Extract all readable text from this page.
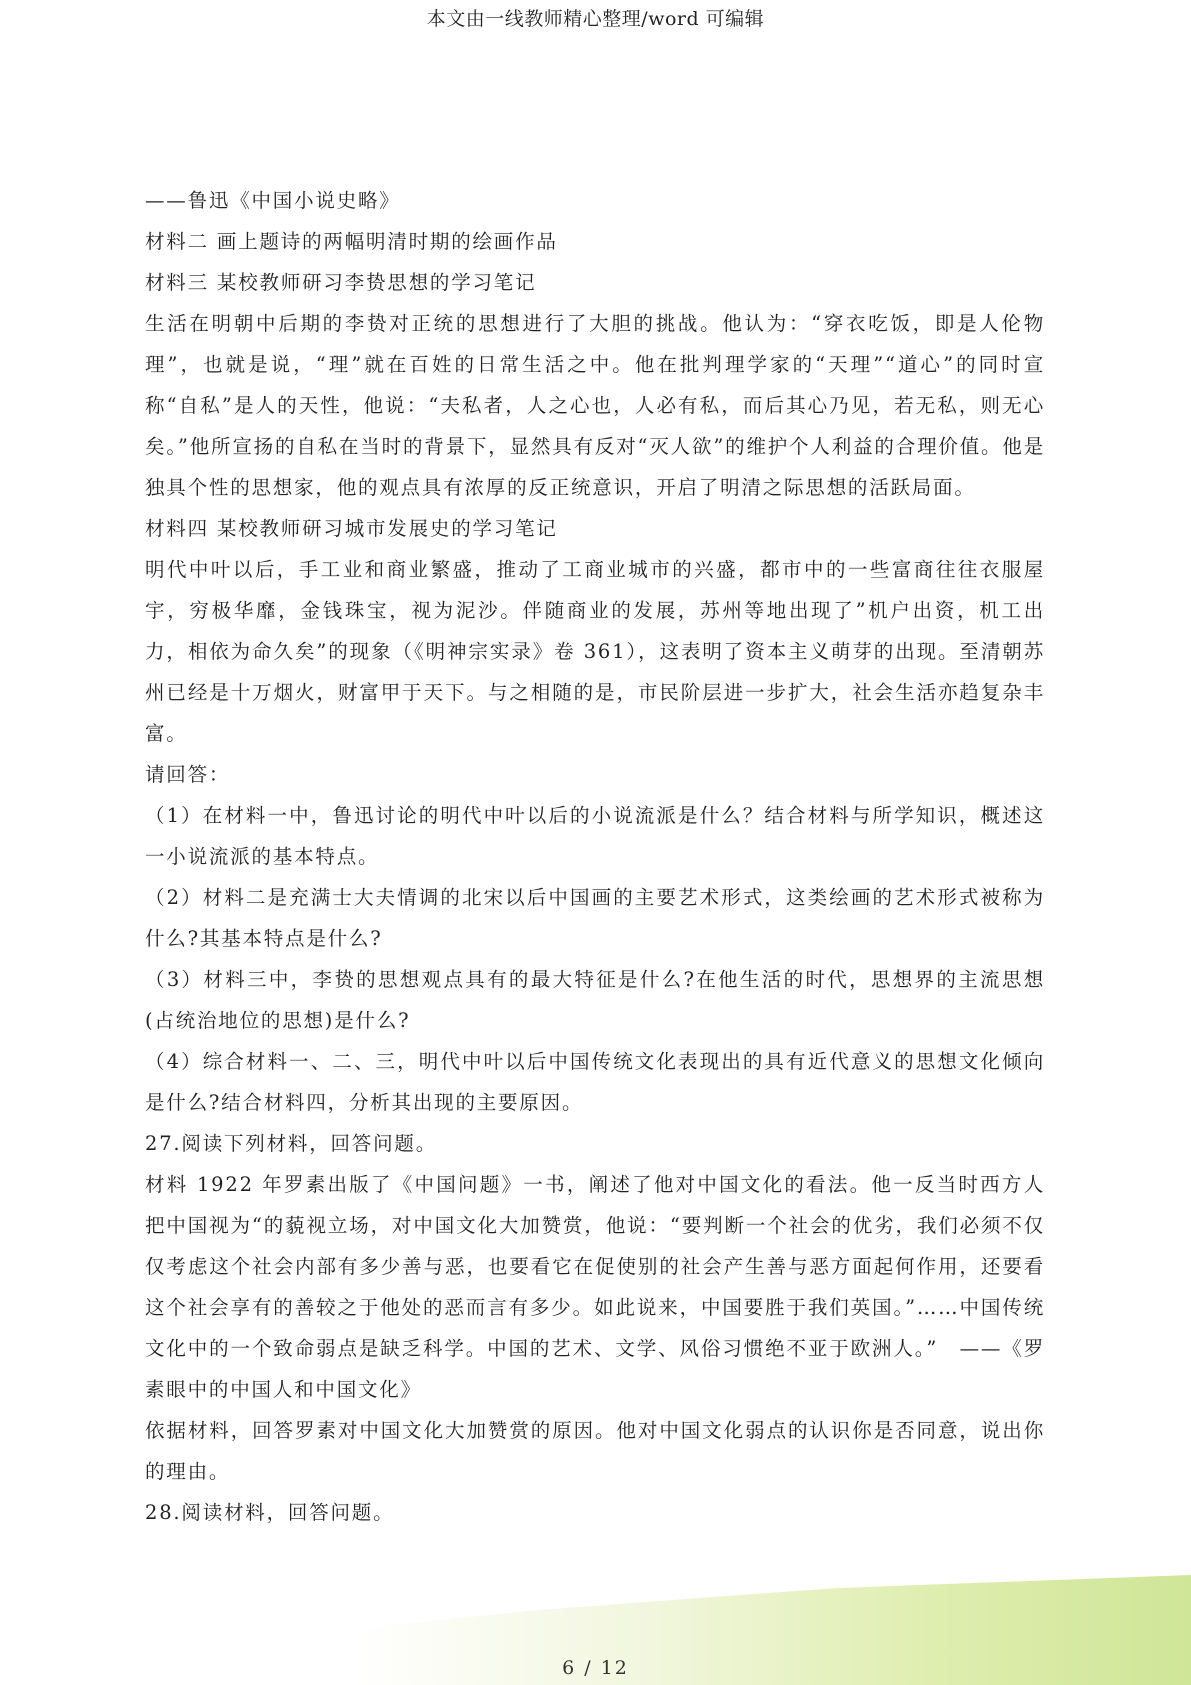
本文由一线教师精心整理/word 可编辑

——鲁迅《中国小说史略》

材料二 画上题诗的两幅明清时期的绘画作品

材料三 某校教师研习李贽思想的学习笔记

生活在明朝中后期的李贽对正统的思想进行了大胆的挑战。他认为：“穿衣吃饭，即是人伦物理”，也就是说，“理”就在百姓的日常生活之中。他在批判理学家的“天理”“道心”的同时宣称“自私”是人的天性，他说：“夫私者，人之心也，人必有私，而后其心乃见，若无私，则无心矣。”他所宣扬的自私在当时的背景下，显然具有反对“灭人欲”的维护个人利益的合理价值。他是独具个性的思想家，他的观点具有浓厚的反正统意识，开启了明清之际思想的活跃局面。

材料四 某校教师研习城市发展史的学习笔记

明代中叶以后，手工业和商业繁盛，推动了工商业城市的兴盛，都市中的一些富商往往衣服屋宇，穷极华靡，金钱珠宝，视为泥沙。伴随商业的发展，苏州等地出现了”机户出资，机工出力，相依为命久矣”的现象（《明神宗实录》卷 361），这表明了资本主义萌芽的出现。至清朝苏州已经是十万烟火，财富甲于天下。与之相随的是，市民阶层进一步扩大，社会生活亦趋复杂丰富。

请回答：

（1）在材料一中，鲁迅讨论的明代中叶以后的小说流派是什么？结合材料与所学知识，概述这一小说流派的基本特点。

（2）材料二是充满士大夫情调的北宋以后中国画的主要艺术形式，这类绘画的艺术形式被称为什么?其基本特点是什么?

（3）材料三中，李贽的思想观点具有的最大特征是什么?在他生活的时代，思想界的主流思想(占统治地位的思想)是什么?

（4）综合材料一、二、三，明代中叶以后中国传统文化表现出的具有近代意义的思想文化倾向是什么?结合材料四，分析其出现的主要原因。

27.阅读下列材料，回答问题。

材料 1922 年罗素出版了《中国问题》一书，阐述了他对中国文化的看法。他一反当时西方人把中国视为“的藐视立场，对中国文化大加赞赏，他说：“要判断一个社会的优劣，我们必须不仅仅考虑这个社会内部有多少善与恶，也要看它在促使别的社会产生善与恶方面起何作用，还要看这个社会享有的善较之于他处的恶而言有多少。如此说来，中国要胜于我们英国。”……中国传统文化中的一个致命弱点是缺乏科学。中国的艺术、文学、风俗习惯绝不亚于欧洲人。”　——《罗素眼中的中国人和中国文化》

依据材料，回答罗素对中国文化大加赞赏的原因。他对中国文化弱点的认识你是否同意，说出你的理由。

28.阅读材料，回答问题。

6 / 12
